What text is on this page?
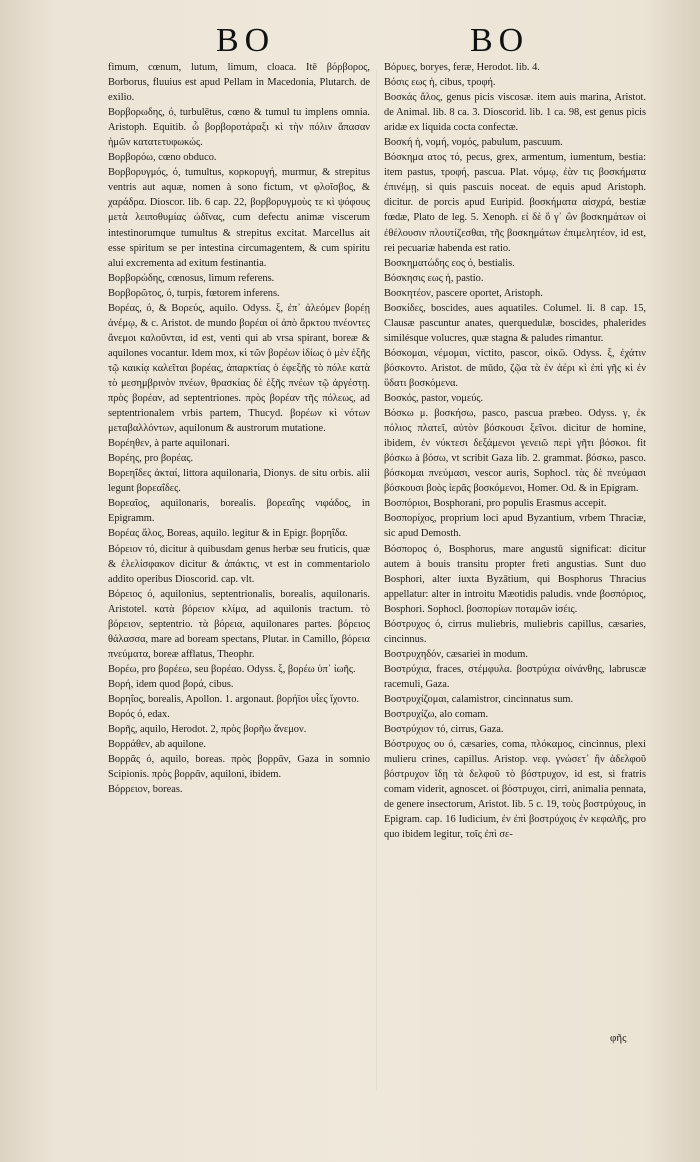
BO	BO

fimum, cœnum, lutum, limum, cloaca. Itē βόρβορος, Borborus, fluuius est apud Pellam in Macedonia, Plutarch. de exilio.

Βορβορωδης, ό, turbulētus, cœno & tumul tu implens omnia. Aristoph. Equitib. ὦ βορβοροτάραξι κὶ τὴν πόλιν ἅπασαν ἡμῶν κατατετυφωκώς.

Βορβορόω, cœno obduco.

Βορβορυγμός, ό, tumultus, κορκορυγή, murmur, & strepitus ventris aut aquæ, nomen à sono fictum, vt φλοῖσβος, & χαράδρα. Dioscor. lib. 6 cap. 22, βορβορυγμοὺς τε κὶ ψόφους μετὰ λειποθυμίας ὠδῖνας, cum defectu animæ viscerum intestinorumque tumultus & strepitus excitat. Marcellus ait esse spiritum se per intestina circumagentem, & cum spiritu alui excrementa ad exitum festinantia.

Βορβορώδης, cœnosus, limum referens.

Βορβορῶτος, ό, turpis, fœtorem inferens.

Βορέας, ό, & Βορεύς, aquilo. Odyss. ξ, ἐπ᾽ ἀλεόμεν βορέῃ ἀνέμῳ, & c. Aristot. de mundo βορέαι οἱ ἀπὸ ἄρκτου πνέοντες ἄνεμοι καλοῦνται, id est, venti qui ab vrsa spirant, boreæ & aquilones vocantur. Idem mox, κὶ τῶν βορέων ἰδίως ὁ μὲν ἑξῆς τῷ καικίᾳ καλεῖται βορέας, ἀπαρκτίας ὁ ἐφεξῆς τὸ πόλε κατὰ τὸ μεσημβρινὸν πνέων, θρασκίας δὲ ἑξῆς πνέων τῷ ἀργέστῃ. πρὸς βορέαν, ad septentriones. πρὸς βορέαν τῆς πόλεως, ad septentrionalem vrbis partem, Thucyd. βορέων κὶ νότων μεταβαλλόντων, aquilonum & austrorum mutatione.

Βορέηθεν, à parte aquilonari.

Βορέης, pro βορέας.

Βορεηΐδες ἀκταί, littora aquilonaria, Dionys. de situ orbis. alii legunt βορεαΐδες.

Βορεαῖος, aquilonaris, borealis. βορεαΐης νιφάδος, in Epigramm.

Βορέας ἄλος, Boreas, aquilo. legitur & in Epigr. βορηΐδα.

Βόρειον τό, dicitur à quibusdam genus herbæ seu fruticis, quæ & ἐλελίσφακον dicitur & ἀπάκτις, vt est in commentariolo addito operibus Dioscorid. cap. vlt.

Βόρειος ό, aquilonius, septentrionalis, borealis, aquilonaris. Aristotel. κατὰ βόρειον κλίμα, ad aquilonis tractum. τὸ βόρειον, septentrio. τὰ βόρεια, aquilonares partes. βόρειος θάλασσα, mare ad boream spectans, Plutar. in Camillo, βόρεια πνεύματα, boreæ afflatus, Theophr.

Βορέω, pro βορέεω, seu βορέαο. Odyss. ξ, βορέω ὑπ᾽ ἰωῆς.

Βορή, idem quod βορά, cibus.

Βορηΐος, borealis, Apollon. 1. argonaut. βορήϊοι υἷες ἴχοντο.

Βορός ό, edax.

Βορῆς, aquilo, Herodot. 2, πρὸς βορῆω ἄνεμον.

Βορράθεν, ab aquilone.

Βορρᾶς ό, aquilo, boreas. πρὸς βορρᾶν, Gaza in somnio Scipionis. πρὸς βορρᾶν, aquiloni, ibidem.

Βόρρειον, boreas.

Βόρυες, boryes, feræ, Herodot. lib. 4.

Βόσις εως ἡ, cibus, τροφή.

Βοσκάς ἄλος, genus picis viscosæ. item auis marina, Aristot. de Animal. lib. 8 ca. 3. Dioscorid. lib. 1 ca. 98, est genus picis aridæ ex liquida cocta confectæ.

Βοσκή ἡ, νομή, νομός, pabulum, pascuum.

Βόσκημα ατος τό, pecus, grex, armentum, iumentum, bestia: item pastus, τροφή, pascua. Plat. νόμῳ, ἐὰν τις βοσκήματα ἐπινέμῃ, si quis pascuis noceat. de equis apud Aristoph. dicitur. de porcis apud Euripid. βοσκήματα αἰσχρά, bestiæ fœdæ, Plato de leg. 5. Xenoph. εἰ δὲ ὅ γ᾽ ὢν βοσκημάτων οἱ ἐθέλουσιν πλουτίζεσθαι, τῆς βοσκημάτων ἐπιμελητέον, id est, rei pecuariæ habenda est ratio.

Βοσκηματώδης εος ό, bestialis.

Βόσκησις εως ἡ, pastio.

Βοσκητέον, pascere oportet, Aristoph.

Βοσκίδες, boscides, aues aquatiles. Columel. li. 8 cap. 15, Clausæ pascuntur anates, querquedulæ, boscides, phalerides similésque volucres, quæ stagna & paludes rimantur.

Βόσκομαι, νέμομαι, victito, pascor, οἰκῶ. Odyss. ξ, ἐχάτιν βόσκοντο. Aristot. de mūdo, ζῷα τὰ ἐν ἀέρι κὶ ἐπὶ γῆς κὶ ἐν ὕδατι βοσκόμενα.

Βοσκός, pastor, νομεύς.

Βόσκω μ. βοσκήσω, pasco, pascua præbeo. Odyss. γ, ἐκ πόλιος πλατεῖ, αὐτὸν βόσκουσι ξεῖνοι. dicitur de homine, ibidem, ἐν νύκτεσι δεξάμενοι γενειῶ περὶ γῆτι βόσκοι. fit βόσκω à βόσω, vt scribit Gaza lib. 2. grammat. βόσκω, pasco. βόσκομαι πνεύμασι, vescor auris, Sophocl. τὰς δὲ πνεύμασι βόσκουσι βοὸς ἱερᾶς βοσκόμενοι, Homer. Od. & in Epigram.

Βοσπόριοι, Bosphorani, pro populis Erasmus accepit.

Βοσπορίχος, proprium loci apud Byzantium, vrbem Thraciæ, sic apud Demosth.

Βόσπορος ό, Bosphorus, mare angustū significat: dicitur autem à bouis transitu propter freti angustias. Sunt duo Bosphori, alter iuxta Byzātium, qui Bosphorus Thracius appellatur: alter in introitu Mæotidis paludis. vnde βοσπόριος, Bosphori. Sophocl. βοσπορίων ποταμῶν ἰσέις.

Βόστρυχος ό, cirrus muliebris, muliebris capillus, cæsaries, cincinnus.

Βοστρυχηδόν, cæsariei in modum.

Βοστρύχια, fraces, στέμφυλα. βοστρύχια οἰνάνθης, labruscæ racemuli, Gaza.

Βοστρυχίζομαι, calamistror, cincinnatus sum.

Βοστρυχίζω, alo comam.

Βοστρύχιον τό, cirrus, Gaza.

Βόστρυχος ου ό, cæsaries, coma, πλόκαμος, cincinnus, plexi mulieru crines, capillus. Aristop. νεφ. γνώσετ᾽ ἢν ἀδελφοῦ βόστρυχον ἴδῃ τὰ δελφοῦ τὸ βόστρυχον, id est, si fratris comam viderit, agnoscet. οἱ βόστρυχοι, cirri, animalia pennata, de genere insectorum, Aristot. lib. 5 c. 19, τοὺς βοστρύχους, in Epigram. cap. 16 Iudicium, ἐν ἐπὶ βοστρύχοις ἐν κεφαλῆς, pro quo ibidem legitur, τοῖς ἐπὶ σε-

φῆς
